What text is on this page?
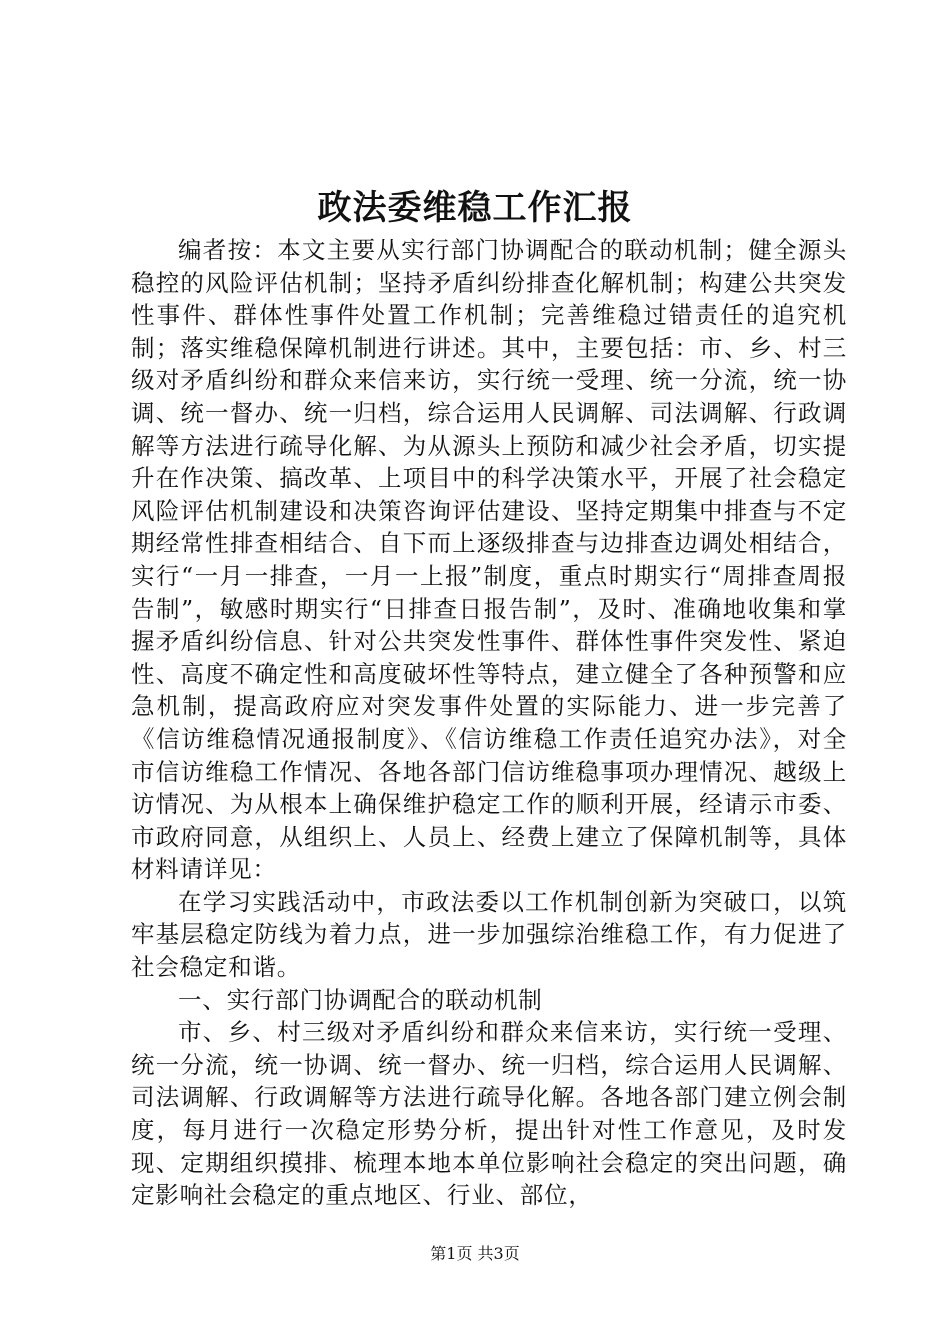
政法委维稳工作汇报

编者按：本文主要从实行部门协调配合的联动机制；健全源头稳控的风险评估机制；坚持矛盾纠纷排查化解机制；构建公共突发性事件、群体性事件处置工作机制；完善维稳过错责任的追究机制；落实维稳保障机制进行讲述。其中，主要包括：市、乡、村三级对矛盾纠纷和群众来信来访，实行统一受理、统一分流，统一协调、统一督办、统一归档，综合运用人民调解、司法调解、行政调解等方法进行疏导化解、为从源头上预防和减少社会矛盾，切实提升在作决策、搞改革、上项目中的科学决策水平，开展了社会稳定风险评估机制建设和决策咨询评估建设、坚持定期集中排查与不定期经常性排查相结合、自下而上逐级排查与边排查边调处相结合，实行“一月一排查，一月一上报”制度，重点时期实行“周排查周报告制”，敏感时期实行“日排查日报告制”，及时、准确地收集和掌握矛盾纠纷信息、针对公共突发性事件、群体性事件突发性、紧迫性、高度不确定性和高度破坏性等特点，建立健全了各种预警和应急机制，提高政府应对突发事件处置的实际能力、进一步完善了《信访维稳情况通报制度》、《信访维稳工作责任追究办法》，对全市信访维稳工作情况、各地各部门信访维稳事项办理情况、越级上访情况、为从根本上确保维护稳定工作的顺利开展，经请示市委、市政府同意，从组织上、人员上、经费上建立了保障机制等，具体材料请详见：

在学习实践活动中，市政法委以工作机制创新为突破口，以筑牢基层稳定防线为着力点，进一步加强综治维稳工作，有力促进了社会稳定和谐。

一、实行部门协调配合的联动机制

市、乡、村三级对矛盾纠纷和群众来信来访，实行统一受理、统一分流，统一协调、统一督办、统一归档，综合运用人民调解、司法调解、行政调解等方法进行疏导化解。各地各部门建立例会制度，每月进行一次稳定形势分析，提出针对性工作意见，及时发现、定期组织摸排、梳理本地本单位影响社会稳定的突出问题，确定影响社会稳定的重点地区、行业、部位，

第1页 共3页
